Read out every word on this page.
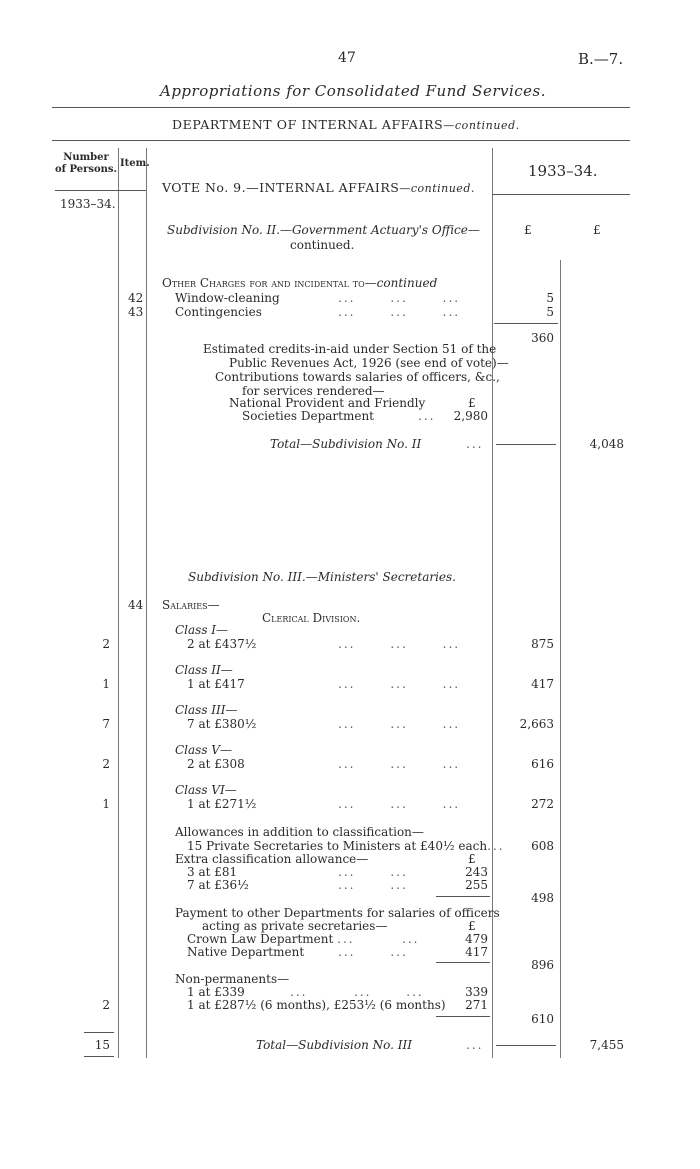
47	B.—7.
Appropriations for Consolidated Fund Services.
DEPARTMENT OF INTERNAL AFFAIRS—continued.
Number
of Persons.
Item.	1933–34.
VOTE No. 9.—INTERNAL AFFAIRS—continued.
1933–34.
Subdivision No. II.—Government Actuary's Office—
continued.
£	£
Other Charges for and incidental to—continued
42	Window-cleaning	...      ...      ...	5
43	Contingencies	...      ...      ...	5
360
Estimated credits-in-aid under Section 51 of the
Public Revenues Act, 1926 (see end of vote)—
Contributions towards salaries of officers, &c.,
for services rendered—
National Provident and Friendly	£
Societies Department	...	2,980
Total—Subdivision No. II	...	4,048
Subdivision No. III.—Ministers' Secretaries.
44 Salaries—
Clerical Division.
Class I—
2	2 at £437½	...      ...      ...	875
Class II—
1	1 at £417	...      ...      ...	417
Class III—
7	7 at £380½	...      ...      ...	2,663
Class V—
2	2 at £308	...      ...      ...	616
Class VI—
1	1 at £271½	...      ...      ...	272
Allowances in addition to classification—
15 Private Secretaries to Ministers at £40½ each...	608
Extra classification allowance—	£
3 at £81	...      ...	243
7 at £36½	...      ...	255
498
Payment to other Departments for salaries of officers
acting as private secretaries—	£
Crown Law Department ...	...	479
Native Department	...      ...	417
896
Non-permanents—
1 at £339	...        ...      ...	339
2	1 at £287½ (6 months), £253½ (6 months)	271
610
15	Total—Subdivision No. III	...	7,455
